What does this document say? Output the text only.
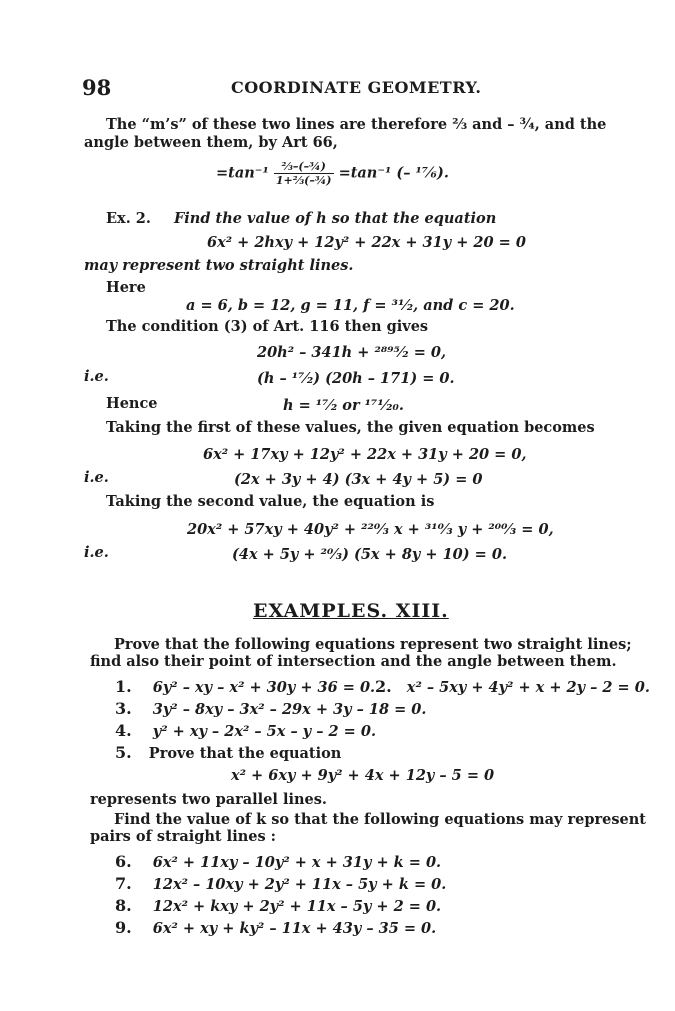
98	COORDINATE GEOMETRY.
The “m’s” of these two lines are therefore ⅔ and – ¾, and the
angle between them, by Art 66,
$=\tan^{-1} \frac{\text{⅔–(–¾)}}{\text{1+⅔(–¾)}} =\tan^{-1}$ (– ¹⁷⁄₆).
Ex. 2. Find the value of h so that the equation
6x² + 2hxy + 12y² + 22x + 31y + 20 = 0
may represent two straight lines.
Here
a = 6, b = 12, g = 11, f = ³¹⁄₂, and c = 20.
The condition (3) of Art. 116 then gives
20h² – 341h + ²⁸⁹⁵⁄₂ = 0,
i.e.	(h – ¹⁷⁄₂) (20h – 171) = 0.
Hence	h = ¹⁷⁄₂ or ¹⁷¹⁄₂₀.
Taking the first of these values, the given equation becomes
6x² + 17xy + 12y² + 22x + 31y + 20 = 0,
i.e.	(2x + 3y + 4) (3x + 4y + 5) = 0
Taking the second value, the equation is
20x² + 57xy + 40y² + ²²⁰⁄₃ x + ³¹⁰⁄₃ y + ²⁰⁰⁄₃ = 0,
i.e.	(4x + 5y + ²⁰⁄₃) (5x + 8y + 10) = 0.
EXAMPLES. XIII.
Prove that the following equations represent two straight lines;
find also their point of intersection and the angle between them.
1. 6y² – xy – x² + 30y + 36 = 0. 2. x² – 5xy + 4y² + x + 2y – 2 = 0.
3. 3y² – 8xy – 3x² – 29x + 3y – 18 = 0.
4. y² + xy – 2x² – 5x – y – 2 = 0.
5. Prove that the equation
x² + 6xy + 9y² + 4x + 12y – 5 = 0
represents two parallel lines.
Find the value of k so that the following equations may represent
pairs of straight lines :
6. 6x² + 11xy – 10y² + x + 31y + k = 0.
7. 12x² – 10xy + 2y² + 11x – 5y + k = 0.
8. 12x² + kxy + 2y² + 11x – 5y + 2 = 0.
9. 6x² + xy + ky² – 11x + 43y – 35 = 0.
